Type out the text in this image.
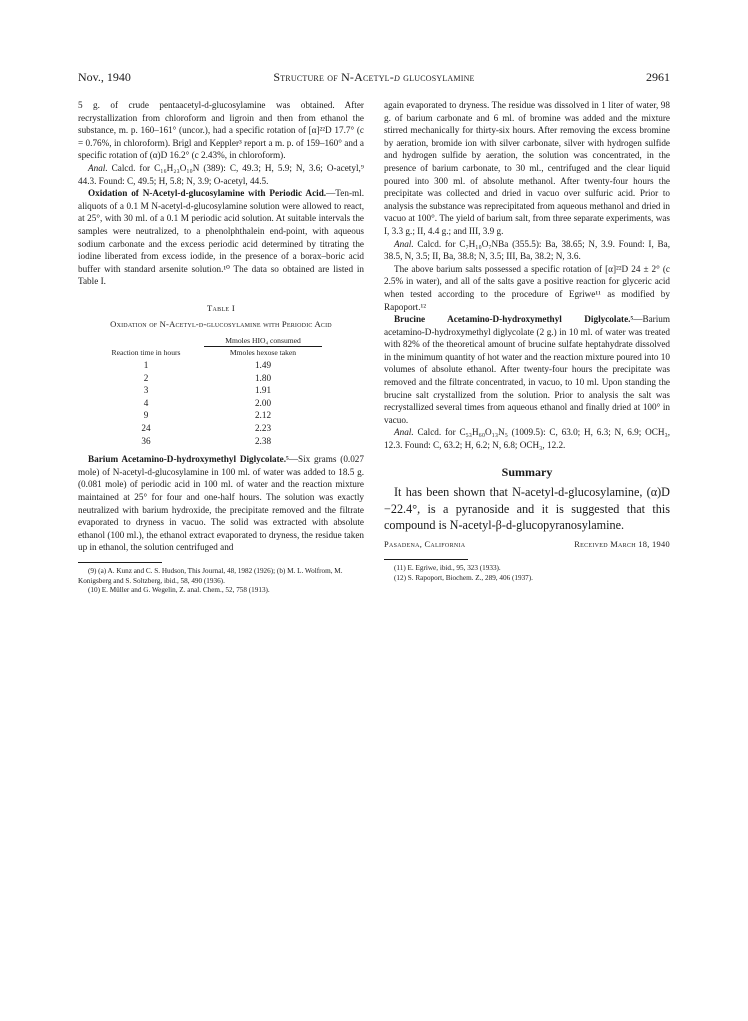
Nov., 1940	Structure of N-Acetyl-d glucosylamine	2961

5 g. of crude pentaacetyl-d-glucosylamine was obtained. After recrystallization from chloroform and ligroin and then from ethanol the substance, m. p. 160–161° (uncor.), had a specific rotation of [α]²²D 17.7° (c = 0.76%, in chloroform). Brigl and Keppler³ report a m. p. of 159–160° and a specific rotation of (α)D 16.2° (c 2.43%, in chloroform).

Anal. Calcd. for C₁₆H₂₃O₁₀N (389): C, 49.3; H, 5.9; N, 3.6; O-acetyl,⁹ 44.3. Found: C, 49.5; H, 5.8; N, 3.9; O-acetyl, 44.5.

Oxidation of N-Acetyl-d-glucosylamine with Periodic Acid.—Ten-ml. aliquots of a 0.1 M N-acetyl-d-glucosylamine solution were allowed to react, at 25°, with 30 ml. of a 0.1 M periodic acid solution. At suitable intervals the samples were neutralized, to a phenolphthalein end-point, with aqueous sodium carbonate and the excess periodic acid determined by titrating the iodine liberated from excess iodide, in the presence of a borax–boric acid buffer with standard arsenite solution.¹⁰ The data so obtained are listed in Table I.

Table I
Oxidation of N-Acetyl-d-glucosylamine with Periodic Acid
Reaction time in hours	Mmoles HIO₄ consumed
Mmoles hexose taken

1	1.49
2	1.80
3	1.91
4	2.00
9	2.12
24	2.23
36	2.38

Barium Acetamino-D-hydroxymethyl Diglycolate.⁵—Six grams (0.027 mole) of N-acetyl-d-glucosylamine in 100 ml. of water was added to 18.5 g. (0.081 mole) of periodic acid in 100 ml. of water and the reaction mixture maintained at 25° for four and one-half hours. The solution was exactly neutralized with barium hydroxide, the precipitate removed and the filtrate evaporated to dryness in vacuo. The solid was extracted with absolute ethanol (100 ml.), the ethanol extract evaporated to dryness, the residue taken up in ethanol, the solution centrifuged and

(9) (a) A. Kunz and C. S. Hudson, This Journal, 48, 1982 (1926); (b) M. L. Wolfrom, M. Konigsberg and S. Soltzberg, ibid., 58, 490 (1936).

(10) E. Müller and G. Wegelin, Z. anal. Chem., 52, 758 (1913).

again evaporated to dryness. The residue was dissolved in 1 liter of water, 98 g. of barium carbonate and 6 ml. of bromine was added and the mixture stirred mechanically for thirty-six hours. After removing the excess bromine by aeration, bromide ion with silver carbonate, silver with hydrogen sulfide and hydrogen sulfide by aeration, the solution was concentrated, in the presence of barium carbonate, to 30 ml., centrifuged and the clear liquid poured into 300 ml. of absolute methanol. After twenty-four hours the precipitate was collected and dried in vacuo over sulfuric acid. Prior to analysis the substance was reprecipitated from aqueous methanol and dried in vacuo at 100°. The yield of barium salt, from three separate experiments, was I, 3.3 g.; II, 4.4 g.; and III, 3.9 g.

Anal. Calcd. for C₇H₁₀O₇NBa (355.5): Ba, 38.65; N, 3.9. Found: I, Ba, 38.5, N, 3.5; II, Ba, 38.8; N, 3.5; III, Ba, 38.2; N, 3.6.

The above barium salts possessed a specific rotation of [α]²²D 24 ± 2° (c 2.5% in water), and all of the salts gave a positive reaction for glyceric acid when tested according to the procedure of Egriwe¹¹ as modified by Rapoport.¹²

Brucine Acetamino-D-hydroxymethyl Diglycolate.⁵—Barium acetamino-D-hydroxymethyl diglycolate (2 g.) in 10 ml. of water was treated with 82% of the theoretical amount of brucine sulfate heptahydrate dissolved in the minimum quantity of hot water and the reaction mixture poured into 10 volumes of absolute ethanol. After twenty-four hours the precipitate was removed and the filtrate concentrated, in vacuo, to 10 ml. Upon standing the brucine salt crystallized from the solution. Prior to analysis the salt was recrystallized several times from aqueous ethanol and finally dried at 100° in vacuo.

Anal. Calcd. for C₅₃H₆₀O₁₃N₅ (1009.5): C, 63.0; H, 6.3; N, 6.9; OCH₃, 12.3. Found: C, 63.2; H, 6.2; N, 6.8; OCH₃, 12.2.

Summary

It has been shown that N-acetyl-d-glucosylamine, (α)D −22.4°, is a pyranoside and it is suggested that this compound is N-acetyl-β-d-glucopyranosylamine.

Pasadena, California	Received March 18, 1940

(11) E. Egriwe, ibid., 95, 323 (1933).

(12) S. Rapoport, Biochem. Z., 289, 406 (1937).
